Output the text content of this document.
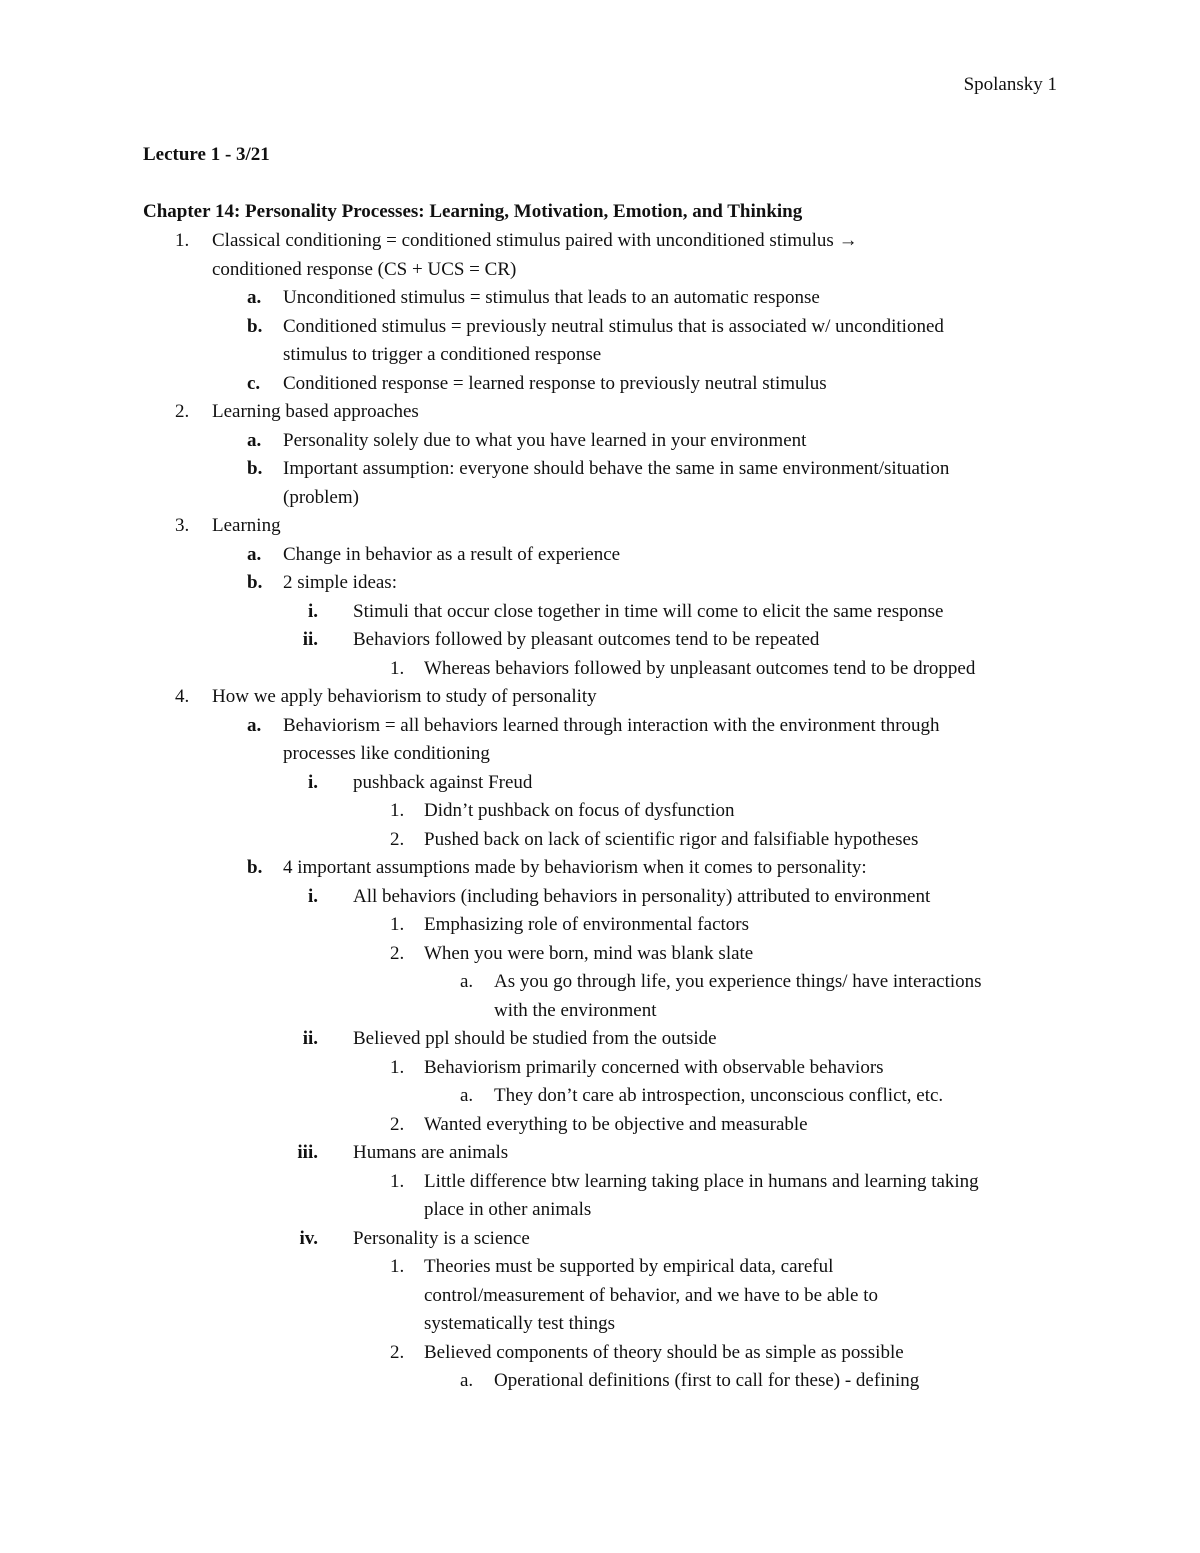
Spolansky 1
Lecture 1 - 3/21
Chapter 14: Personality Processes: Learning, Motivation, Emotion, and Thinking
1. Classical conditioning = conditioned stimulus paired with unconditioned stimulus →
conditioned response (CS + UCS = CR)
a. Unconditioned stimulus = stimulus that leads to an automatic response
b. Conditioned stimulus = previously neutral stimulus that is associated w/ unconditioned
stimulus to trigger a conditioned response
c. Conditioned response = learned response to previously neutral stimulus
2. Learning based approaches
a. Personality solely due to what you have learned in your environment
b. Important assumption: everyone should behave the same in same environment/situation
(problem)
3. Learning
a. Change in behavior as a result of experience
b. 2 simple ideas:
i. Stimuli that occur close together in time will come to elicit the same response
ii. Behaviors followed by pleasant outcomes tend to be repeated
1. Whereas behaviors followed by unpleasant outcomes tend to be dropped
4. How we apply behaviorism to study of personality
a. Behaviorism = all behaviors learned through interaction with the environment through
processes like conditioning
i. pushback against Freud
1. Didn’t pushback on focus of dysfunction
2. Pushed back on lack of scientific rigor and falsifiable hypotheses
b. 4 important assumptions made by behaviorism when it comes to personality:
i. All behaviors (including behaviors in personality) attributed to environment
1. Emphasizing role of environmental factors
2. When you were born, mind was blank slate
a. As you go through life, you experience things/ have interactions
with the environment
ii. Believed ppl should be studied from the outside
1. Behaviorism primarily concerned with observable behaviors
a. They don’t care ab introspection, unconscious conflict, etc.
2. Wanted everything to be objective and measurable
iii. Humans are animals
1. Little difference btw learning taking place in humans and learning taking
place in other animals
iv. Personality is a science
1. Theories must be supported by empirical data, careful
control/measurement of behavior, and we have to be able to
systematically test things
2. Believed components of theory should be as simple as possible
a. Operational definitions (first to call for these) - defining
